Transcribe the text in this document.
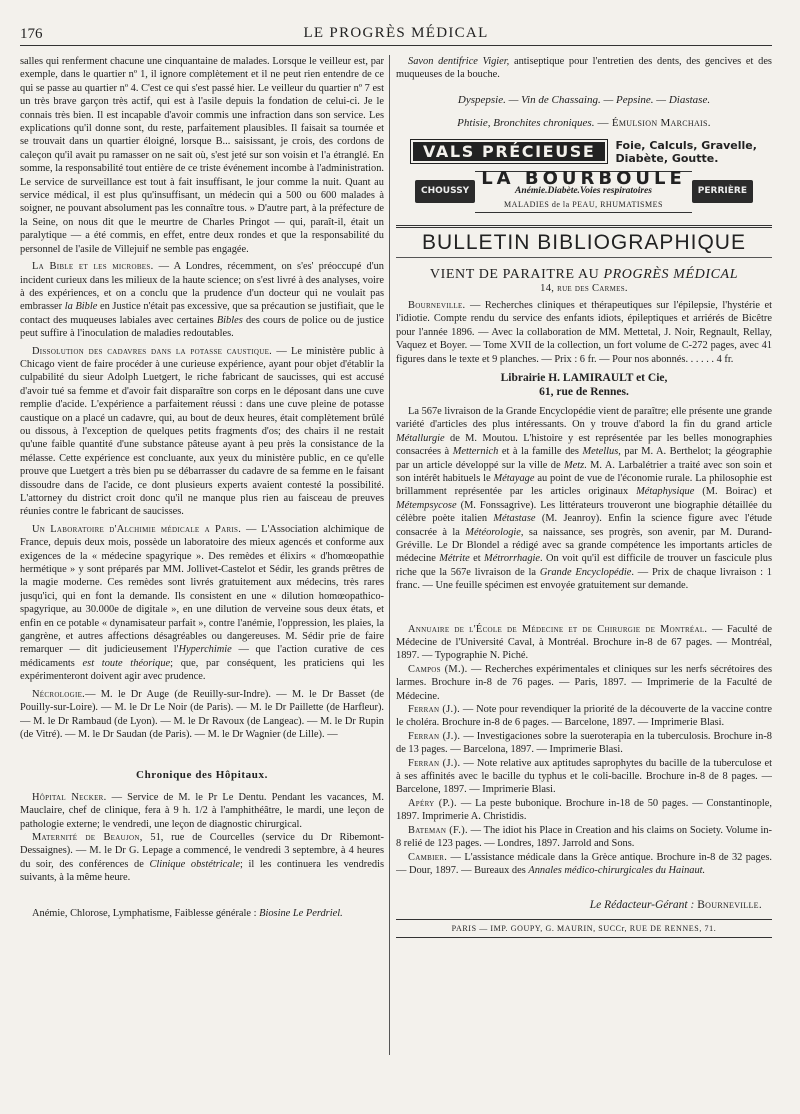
176	LE PROGRÈS MÉDICAL

salles qui renferment chacune une cinquantaine de malades. Lorsque le veilleur est, par exemple, dans le quartier nº 1, il ignore complètement et il ne peut rien entendre de ce qui se passe au quartier nº 4. C'est ce qui s'est passé hier. Le veilleur du quartier nº 7 est un très brave garçon très actif, qui est à l'asile depuis la fondation de celui-ci. Je le connais très bien. Il est incapable d'avoir commis une infraction dans son service. Les explications qu'il donne sont, du reste, parfaitement plausibles. Il faisait sa tournée et se trouvait dans un quartier éloigné, lorsque B... saisissant, je crois, des cordons de caleçon qu'il avait pu ramasser on ne sait où, s'est jeté sur son voisin et l'a étranglé. En somme, la responsabilité tout entière de ce triste événement incombe à l'administration. Le service de surveillance est tout à fait insuffisant, le jour comme la nuit. Quant au service médical, il est plus qu'insuffisant, un médecin qui a 500 ou 600 malades à soigner, ne pouvant absolument pas les connaître tous. » D'autre part, à la préfecture de la Seine, on nous dit que le meurtre de Charles Pringot — qui, paraît-il, était un paralytique — a été commis, en effet, entre deux rondes et que la responsabilité du personnel de l'asile de Villejuif ne semble pas engagée.

La Bible et les microbes. — A Londres, récemment, on s'es' préoccupé d'un incident curieux dans les milieux de la haute science; on s'est livré à des analyses, voire à des expériences, et on a conclu que la prudence d'un docteur qui ne voulait pas embrasser la Bible en Justice n'était pas excessive, que sa précaution se justifiait, que le contact des muqueuses labiales avec certaines Bibles des cours de police ou de justice peut suffire à l'inoculation de maladies redoutables.

Dissolution des cadavres dans la potasse caustique. — Le ministère public à Chicago vient de faire procéder à une curieuse expérience, ayant pour objet d'établir la culpabilité du sieur Adolph Luetgert, le riche fabricant de saucisses, qui est accusé d'avoir tué sa femme et d'avoir fait disparaître son corps en le déposant dans une cuve remplie d'acide. L'expérience a parfaitement réussi : dans une cuve pleine de potasse caustique on a placé un cadavre, qui, au bout de deux heures, était complètement brûlé ou dissous, à l'exception de quelques petits fragments d'os; des chairs il ne restait qu'une faible quantité d'une substance pâteuse ayant à peu près la consistance de la mélasse. Cette expérience est concluante, aux yeux du ministère public, en ce qu'elle prouve que Luetgert a très bien pu se débarrasser du cadavre de sa femme en le faisant dissoudre dans de l'acide, ce dont plusieurs experts avaient contesté la possibilité. L'attorney du district croit donc qu'il ne manque plus rien au faisceau de preuves réunies contre le fabricant de saucisses.

Un Laboratoire d'Alchimie médicale a Paris. — L'Association alchimique de France, depuis deux mois, possède un laboratoire des mieux agencés et conforme aux exigences de la « médecine spagyrique ». Des remèdes et élixirs « d'homœopathie hermétique » y sont préparés par MM. Jollivet-Castelot et Sédir, les grands prêtres de la magie moderne. Ces remèdes sont livrés gratuitement aux médecins, très rares jusqu'ici, qui en font la demande. Ils consistent en une « dilution homœopathico-spagyrique, au 30.000e de digitale », en une dilution de verveine sous deux états, et enfin en ce potable « dynamisateur parfait », contre l'anémie, l'oppression, les plaies, la gangrène, et autres affections désagréables ou dangereuses. M. Sédir prie de faire remarquer — dit judicieusement l'Hyperchimie — que l'action curative de ces médicaments est toute théorique; que, par conséquent, les praticiens qui les expérimenteront doivent agir avec prudence.

Nécrologie.— M. le Dr Auge (de Reuilly-sur-Indre). — M. le Dr Basset (de Pouilly-sur-Loire). — M. le Dr Le Noir (de Paris). — M. le Dr Paillette (de Harfleur). — M. le Dr Rambaud (de Lyon). — M. le Dr Ravoux (de Langeac). — M. le Dr Rupin (de Vitré). — M. le Dr Saudan (de Paris). — M. le Dr Wagnier (de Lille). —

Chronique des Hôpitaux.

Hôpital Necker. — Service de M. le Pr Le Dentu. Pendant les vacances, M. Mauclaire, chef de clinique, fera à 9 h. 1/2 à l'amphithéâtre, le mardi, une leçon de pathologie externe; le vendredi, une leçon de diagnostic chirurgical.

Maternité de Beaujon, 51, rue de Courcelles (service du Dr Ribemont-Dessaignes). — M. le Dr G. Lepage a commencé, le vendredi 3 septembre, à 4 heures du soir, des conférences de Clinique obstétricale; il les continuera les vendredis suivants, à la même heure.

Anémie, Chlorose, Lymphatisme, Faiblesse générale : Biosine Le Perdriel.

Savon dentifrice Vigier, antiseptique pour l'entretien des dents, des gencives et des muqueuses de la bouche.

Dyspepsie. — Vin de Chassaing. — Pepsine. — Diastase.
Phtisie, Bronchites chroniques. — Émulsion Marchais.
VALS PRÉCIEUSE	Foie, Calculs, Gravelle,
Diabète, Goutte.
CHOUSSY
LA BOURBOULE
Anémie.Diabète.Voies respiratoires
MALADIES de la PEAU, RHUMATISMES
PERRIÈRE
BULLETIN BIBLIOGRAPHIQUE
VIENT DE PARAITRE AU PROGRÈS MÉDICAL
14, rue des Carmes.

Bourneville. — Recherches cliniques et thérapeutiques sur l'épilepsie, l'hystérie et l'idiotie. Compte rendu du service des enfants idiots, épileptiques et arriérés de Bicêtre pour l'année 1896. — Avec la collaboration de MM. Mettetal, J. Noir, Regnault, Rellay, Vaquez et Boyer. — Tome XVII de la collection, un fort volume de C-272 pages, avec 41 figures dans le texte et 9 planches. — Prix : 6 fr. — Pour nos abonnés. . . . . . 4 fr.

Librairie H. LAMIRAULT et Cie,
61, rue de Rennes.

La 567e livraison de la Grande Encyclopédie vient de paraître; elle présente une grande variété d'articles des plus intéressants. On y trouve d'abord la fin du grand article Métallurgie de M. Moutou. L'histoire y est représentée par les belles monographies consacrées à Metternich et à la famille des Metellus, par M. A. Berthelot; la géographie par un article développé sur la ville de Metz. M. A. Larbalétrier a traité avec son soin et son intérêt habituels le Métayage au point de vue de l'économie rurale. La philosophie est brillamment représentée par les articles originaux Métaphysique (M. Boirac) et Métempsycose (M. Fonssagrive). Les littérateurs trouveront une biographie détaillée du célèbre poète italien Métastase (M. Jeanroy). Enfin la science figure avec l'étude consacrée à la Météorologie, sa naissance, ses progrès, son avenir, par M. Durand-Gréville. Le Dr Blondel a rédigé avec sa grande compétence les importants articles de médecine Métrite et Métrorrhagie. On voit qu'il est difficile de trouver un fascicule plus riche que la 567e livraison de la Grande Encyclopédie. — Prix de chaque livraison : 1 franc. — Une feuille spécimen est envoyée gratuitement sur demande.

Annuaire de l'École de Médecine et de Chirurgie de Montréal. — Faculté de Médecine de l'Université Caval, à Montréal. Brochure in-8 de 67 pages. — Montréal, 1897. — Typographie N. Piché.

Campos (M.). — Recherches expérimentales et cliniques sur les nerfs sécrétoires des larmes. Brochure in-8 de 76 pages. — Paris, 1897. — Imprimerie de la Faculté de Médecine.

Ferran (J.). — Note pour revendiquer la priorité de la découverte de la vaccine contre le choléra. Brochure in-8 de 6 pages. — Barcelone, 1897. — Imprimerie Blasi.

Ferran (J.). — Investigaciones sobre la sueroterapia en la tuberculosis. Brochure in-8 de 13 pages. — Barcelona, 1897. — Imprimerie Blasi.

Ferran (J.). — Note relative aux aptitudes saprophytes du bacille de la tuberculose et à ses affinités avec le bacille du typhus et le coli-bacille. Brochure in-8 de 8 pages. — Barcelone, 1897. — Imprimerie Blasi.

Apéry (P.). — La peste bubonique. Brochure in-18 de 50 pages. — Constantinople, 1897. Imprimerie A. Christidis.

Bateman (F.). — The idiot his Place in Creation and his claims on Society. Volume in-8 relié de 123 pages. — Londres, 1897. Jarrold and Sons.

Cambier. — L'assistance médicale dans la Grèce antique. Brochure in-8 de 32 pages. — Dour, 1897. — Bureaux des Annales médico-chirurgicales du Hainaut.

Le Rédacteur-Gérant : Bourneville.
PARIS — IMP. GOUPY, G. MAURIN, SUCCr, RUE DE RENNES, 71.
